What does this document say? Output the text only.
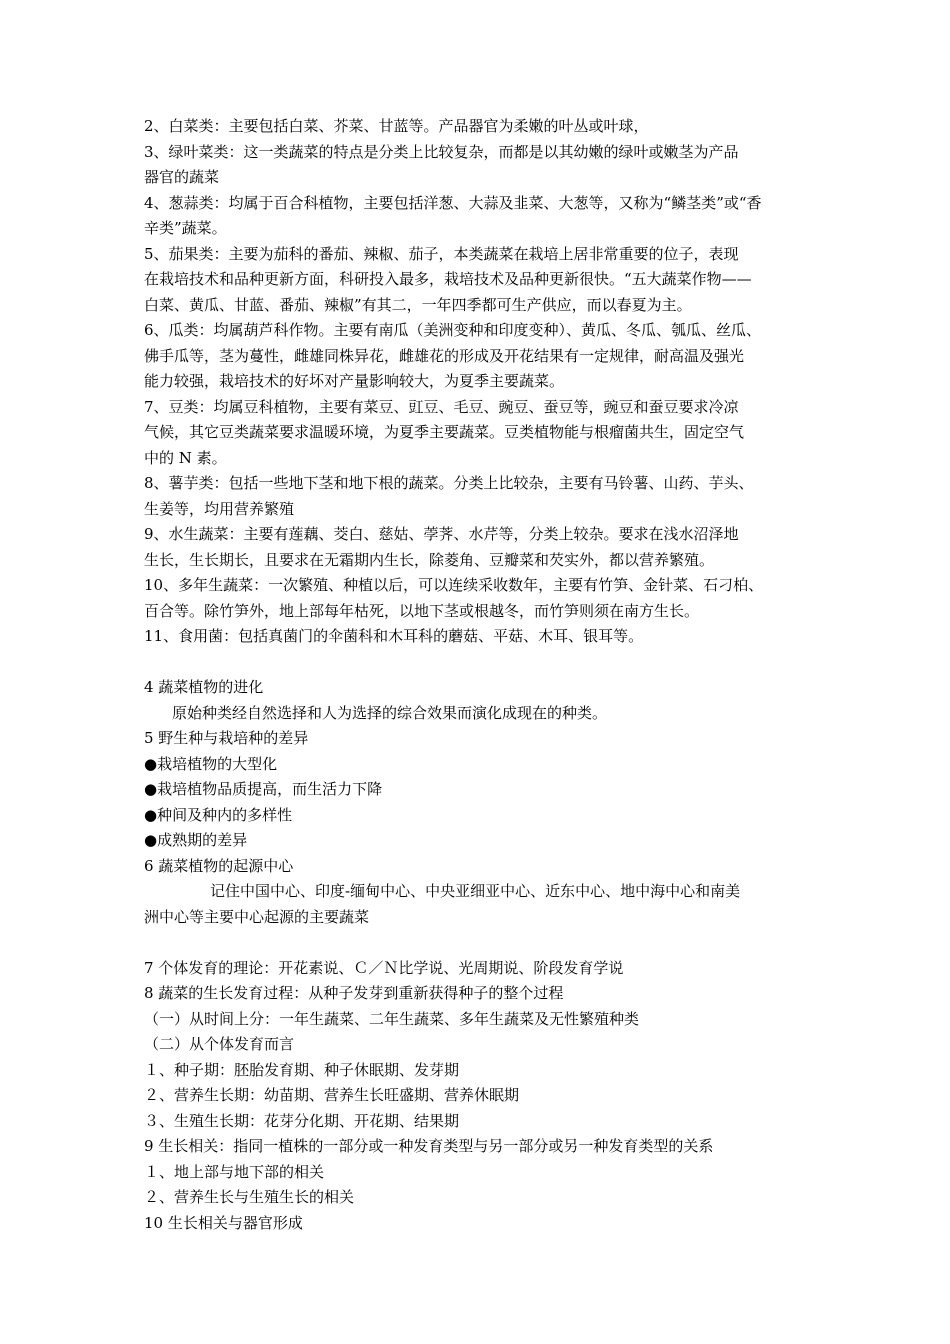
2、白菜类：主要包括白菜、芥菜、甘蓝等。产品器官为柔嫩的叶丛或叶球，
3、绿叶菜类：这一类蔬菜的特点是分类上比较复杂，而都是以其幼嫩的绿叶或嫩茎为产品
器官的蔬菜
4、葱蒜类：均属于百合科植物，主要包括洋葱、大蒜及韭菜、大葱等，又称为“鳞茎类”或“香
辛类”蔬菜。
5、茄果类：主要为茄科的番茄、辣椒、茄子，本类蔬菜在栽培上居非常重要的位子，表现
在栽培技术和品种更新方面，科研投入最多，栽培技术及品种更新很快。“五大蔬菜作物——
白菜、黄瓜、甘蓝、番茄、辣椒”有其二，一年四季都可生产供应，而以春夏为主。
6、瓜类：均属葫芦科作物。主要有南瓜（美洲变种和印度变种）、黄瓜、冬瓜、瓠瓜、丝瓜、
佛手瓜等，茎为蔓性，雌雄同株异花，雌雄花的形成及开花结果有一定规律，耐高温及强光
能力较强，栽培技术的好坏对产量影响较大，为夏季主要蔬菜。
7、豆类：均属豆科植物，主要有菜豆、豇豆、毛豆、豌豆、蚕豆等，豌豆和蚕豆要求冷凉
气候，其它豆类蔬菜要求温暖环境，为夏季主要蔬菜。豆类植物能与根瘤菌共生，固定空气
中的 N 素。
8、薯芋类：包括一些地下茎和地下根的蔬菜。分类上比较杂，主要有马铃薯、山药、芋头、
生姜等，均用营养繁殖
9、水生蔬菜：主要有莲藕、茭白、慈姑、荸荠、水芹等，分类上较杂。要求在浅水沼泽地
生长，生长期长，且要求在无霜期内生长，除菱角、豆瓣菜和芡实外，都以营养繁殖。
10、多年生蔬菜：一次繁殖、种植以后，可以连续采收数年，主要有竹笋、金针菜、石刁柏、
百合等。除竹笋外，地上部每年枯死，以地下茎或根越冬，而竹笋则须在南方生长。
11、食用菌：包括真菌门的伞菌科和木耳科的蘑菇、平菇、木耳、银耳等。
4 蔬菜植物的进化
原始种类经自然选择和人为选择的综合效果而演化成现在的种类。
5 野生种与栽培种的差异
●栽培植物的大型化
●栽培植物品质提高，而生活力下降
●种间及种内的多样性
●成熟期的差异
6 蔬菜植物的起源中心
记住中国中心、印度-缅甸中心、中央亚细亚中心、近东中心、地中海中心和南美
洲中心等主要中心起源的主要蔬菜
7 个体发育的理论：开花素说、Ｃ／Ｎ比学说、光周期说、阶段发育学说
8 蔬菜的生长发育过程：从种子发芽到重新获得种子的整个过程
（一）从时间上分：一年生蔬菜、二年生蔬菜、多年生蔬菜及无性繁殖种类
（二）从个体发育而言
１、种子期：胚胎发育期、种子休眠期、发芽期
２、营养生长期：幼苗期、营养生长旺盛期、营养休眠期
３、生殖生长期：花芽分化期、开花期、结果期
9 生长相关：指同一植株的一部分或一种发育类型与另一部分或另一种发育类型的关系
１、地上部与地下部的相关
２、营养生长与生殖生长的相关
10 生长相关与器官形成
